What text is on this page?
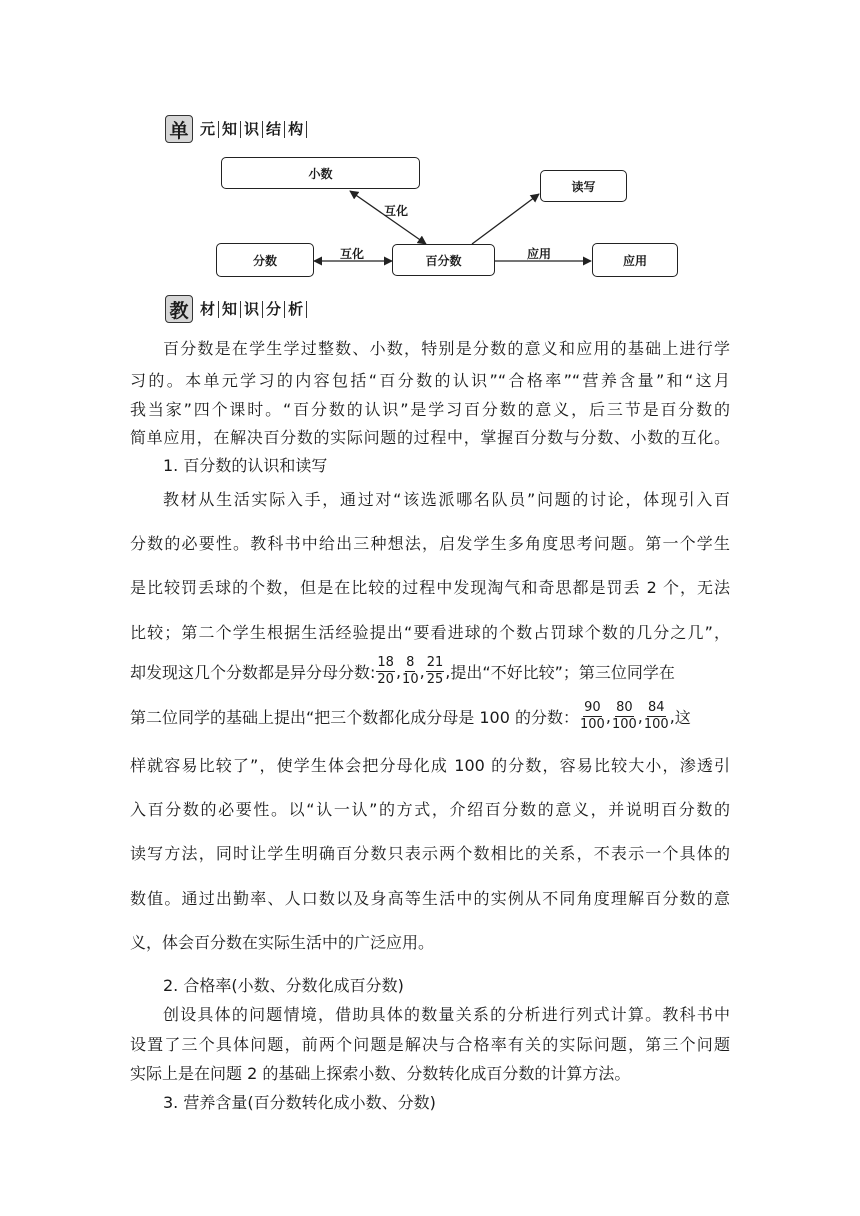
单 元 知 识 结 构
小数
读写
分数	百分数	应用
互化
互化	应用
教 材 知 识 分 析
百分数是在学生学过整数、小数，特别是分数的意义和应用的基础上进行学
习的。本单元学习的内容包括“百分数的认识”“合格率”“营养含量”和“这月
我当家”四个课时。“百分数的认识”是学习百分数的意义，后三节是百分数的
简单应用，在解决百分数的实际问题的过程中，掌握百分数与分数、小数的互化。
1. 百分数的认识和读写
教材从生活实际入手，通过对“该选派哪名队员”问题的讨论，体现引入百
分数的必要性。教科书中给出三种想法，启发学生多角度思考问题。第一个学生
是比较罚丢球的个数，但是在比较的过程中发现淘气和奇思都是罚丢 2 个，无法
比较；第二个学生根据生活经验提出“要看进球的个数占罚球个数的几分之几”，
却发现这几个分数都是异分母分数: $\frac{18}{20}$ , $\frac{8}{10}$ , $\frac{21}{25}$ , 提出“不好比较”；第三位同学在
第二位同学的基础上提出“把三个数都化成分母是 100 的分数： $\frac{90}{100}$ , $\frac{80}{100}$ , $\frac{84}{100}$ , 这
样就容易比较了”，使学生体会把分母化成 100 的分数，容易比较大小，渗透引
入百分数的必要性。以“认一认”的方式，介绍百分数的意义，并说明百分数的
读写方法，同时让学生明确百分数只表示两个数相比的关系，不表示一个具体的
数值。通过出勤率、人口数以及身高等生活中的实例从不同角度理解百分数的意
义，体会百分数在实际生活中的广泛应用。
2. 合格率(小数、分数化成百分数)
创设具体的问题情境，借助具体的数量关系的分析进行列式计算。教科书中
设置了三个具体问题，前两个问题是解决与合格率有关的实际问题，第三个问题
实际上是在问题 2 的基础上探索小数、分数转化成百分数的计算方法。
3. 营养含量(百分数转化成小数、分数)
